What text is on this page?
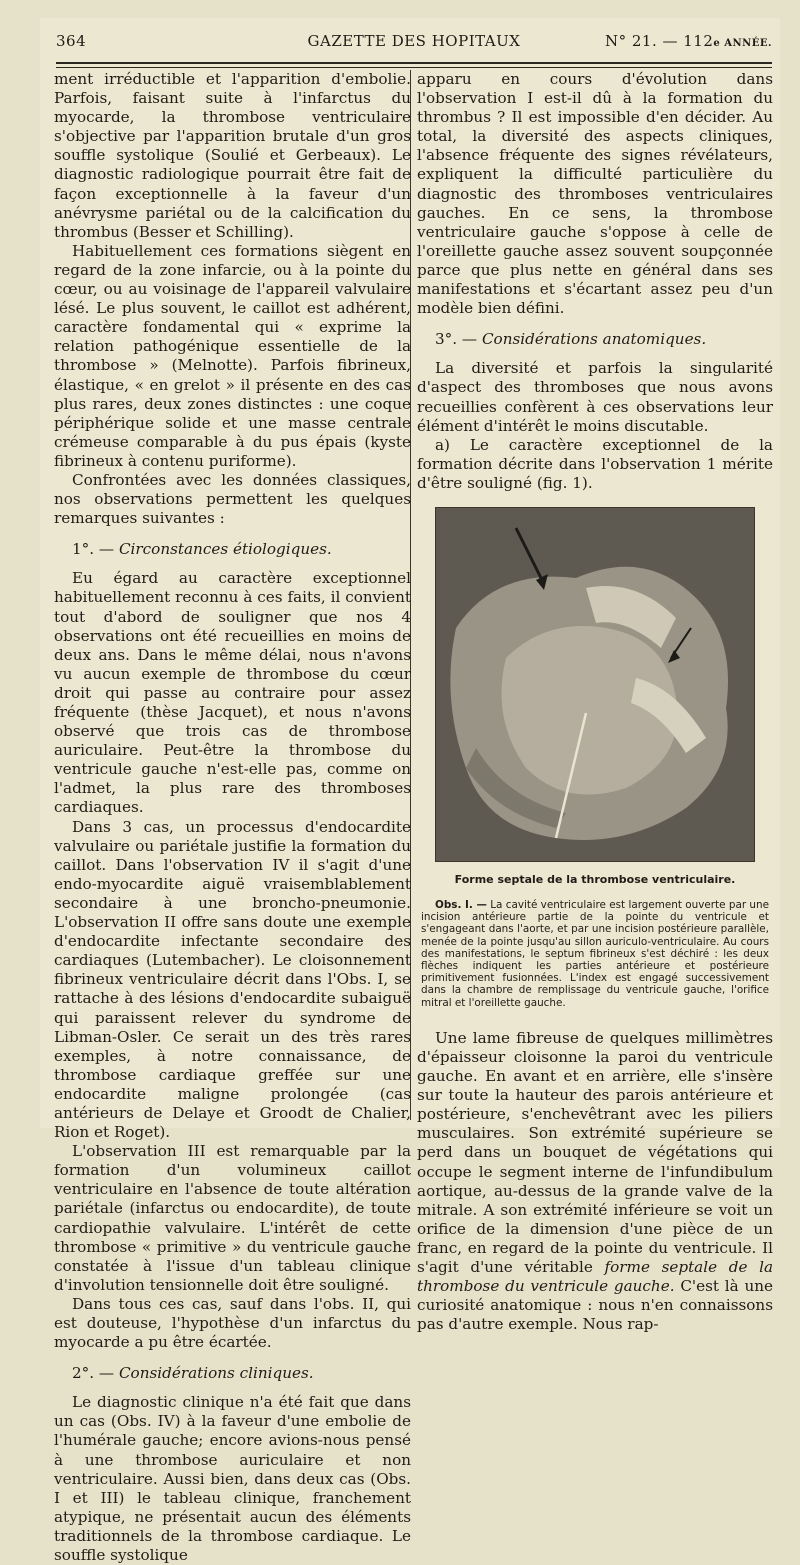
364	GAZETTE DES HOPITAUX	N° 21. — 112e ANNÉE.

ment irréductible et l'apparition d'embolie. Parfois, faisant suite à l'infarctus du myocarde, la thrombose ventriculaire s'objective par l'apparition brutale d'un gros souffle systolique (Soulié et Gerbeaux). Le diagnostic radiologique pourrait être fait de façon exceptionnelle à la faveur d'un anévrysme pariétal ou de la calcification du thrombus (Besser et Schilling).

Habituellement ces formations siègent en regard de la zone infarcie, ou à la pointe du cœur, ou au voisinage de l'appareil valvulaire lésé. Le plus souvent, le caillot est adhérent, caractère fondamental qui « exprime la relation pathogénique essentielle de la thrombose » (Melnotte). Parfois fibrineux, élastique, « en grelot » il présente en des cas plus rares, deux zones distinctes : une coque périphérique solide et une masse centrale crémeuse comparable à du pus épais (kyste fibrineux à contenu puriforme).

Confrontées avec les données classiques, nos observations permettent les quelques remarques suivantes :

1°. — Circonstances étiologiques.

Eu égard au caractère exceptionnel habituellement reconnu à ces faits, il convient tout d'abord de souligner que nos 4 observations ont été recueillies en moins de deux ans. Dans le même délai, nous n'avons vu aucun exemple de thrombose du cœur droit qui passe au contraire pour assez fréquente (thèse Jacquet), et nous n'avons observé que trois cas de thrombose auriculaire. Peut-être la thrombose du ventricule gauche n'est-elle pas, comme on l'admet, la plus rare des thromboses cardiaques.

Dans 3 cas, un processus d'endocardite valvulaire ou pariétale justifie la formation du caillot. Dans l'observation IV il s'agit d'une endo-myocardite aiguë vraisemblablement secondaire à une broncho-pneumonie. L'observation II offre sans doute une exemple d'endocardite infectante secondaire des cardiaques (Lutembacher). Le cloisonnement fibrineux ventriculaire décrit dans l'Obs. I, se rattache à des lésions d'endocardite subaiguë qui paraissent relever du syndrome de Libman-Osler. Ce serait un des très rares exemples, à notre connaissance, de thrombose cardiaque greffée sur une endocardite maligne prolongée (cas antérieurs de Delaye et Groodt de Chalier, Rion et Roget).

L'observation III est remarquable par la formation d'un volumineux caillot ventriculaire en l'absence de toute altération pariétale (infarctus ou endocardite), de toute cardiopathie valvulaire. L'intérêt de cette thrombose « primitive » du ventricule gauche constatée à l'issue d'un tableau clinique d'involution tensionnelle doit être souligné.

Dans tous ces cas, sauf dans l'obs. II, qui est douteuse, l'hypothèse d'un infarctus du myocarde a pu être écartée.

2°. — Considérations cliniques.

Le diagnostic clinique n'a été fait que dans un cas (Obs. IV) à la faveur d'une embolie de l'humérale gauche; encore avions-nous pensé à une thrombose auriculaire et non ventriculaire. Aussi bien, dans deux cas (Obs. I et III) le tableau clinique, franchement atypique, ne présentait aucun des éléments traditionnels de la thrombose cardiaque. Le souffle systolique

apparu en cours d'évolution dans l'observation I est-il dû à la formation du thrombus ? Il est impossible d'en décider. Au total, la diversité des aspects cliniques, l'absence fréquente des signes révélateurs, expliquent la difficulté particulière du diagnostic des thromboses ventriculaires gauches. En ce sens, la thrombose ventriculaire gauche s'oppose à celle de l'oreillette gauche assez souvent soupçonnée parce que plus nette en général dans ses manifestations et s'écartant assez peu d'un modèle bien défini.

3°. — Considérations anatomiques.

La diversité et parfois la singularité d'aspect des thromboses que nous avons recueillies confèrent à ces observations leur élément d'intérêt le moins discutable.

a) Le caractère exceptionnel de la formation décrite dans l'observation 1 mérite d'être souligné (fig. 1).

Forme septale de la thrombose ventriculaire.

Obs. I. — La cavité ventriculaire est largement ouverte par une incision antérieure partie de la pointe du ventricule et s'engageant dans l'aorte, et par une incision postérieure parallèle, menée de la pointe jusqu'au sillon auriculo-ventriculaire. Au cours des manifestations, le septum fibrineux s'est déchiré : les deux flèches indiquent les parties antérieure et postérieure primitivement fusionnées. L'index est engagé successivement dans la chambre de remplissage du ventricule gauche, l'orifice mitral et l'oreillette gauche.

Une lame fibreuse de quelques millimètres d'épaisseur cloisonne la paroi du ventricule gauche. En avant et en arrière, elle s'insère sur toute la hauteur des parois antérieure et postérieure, s'enchevêtrant avec les piliers musculaires. Son extrémité supérieure se perd dans un bouquet de végétations qui occupe le segment interne de l'infundibulum aortique, au-dessus de la grande valve de la mitrale. A son extrémité inférieure se voit un orifice de la dimension d'une pièce de un franc, en regard de la pointe du ventricule. Il s'agit d'une véritable forme septale de la thrombose du ventricule gauche. C'est là une curiosité anatomique : nous n'en connaissons pas d'autre exemple. Nous rap-
